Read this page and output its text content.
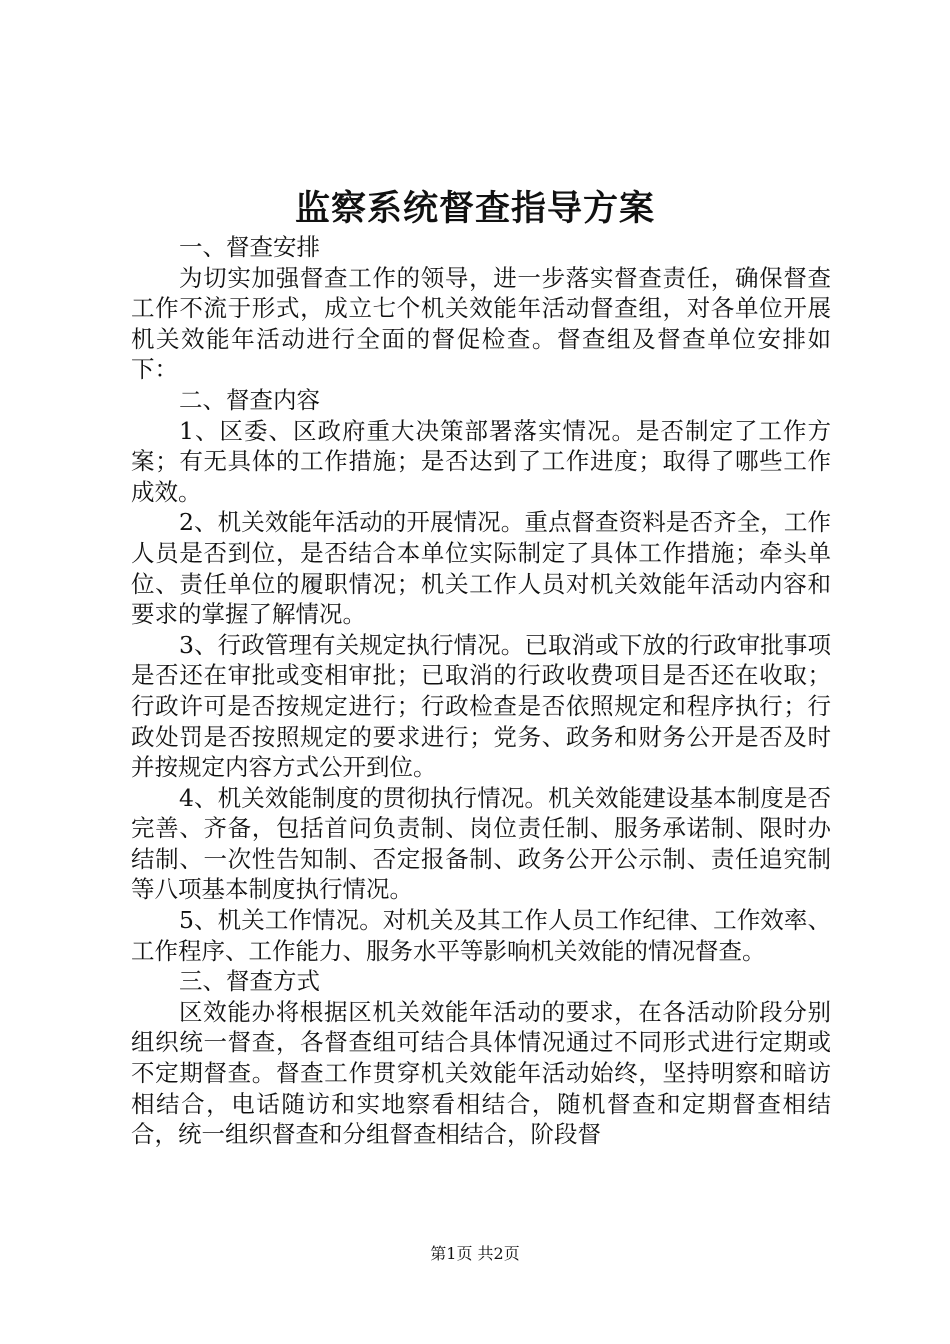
监察系统督查指导方案

一、督查安排

为切实加强督查工作的领导，进一步落实督查责任，确保督查工作不流于形式，成立七个机关效能年活动督查组，对各单位开展机关效能年活动进行全面的督促检查。督查组及督查单位安排如下：

二、督查内容

1、区委、区政府重大决策部署落实情况。是否制定了工作方案；有无具体的工作措施；是否达到了工作进度；取得了哪些工作成效。

2、机关效能年活动的开展情况。重点督查资料是否齐全，工作人员是否到位，是否结合本单位实际制定了具体工作措施；牵头单位、责任单位的履职情况；机关工作人员对机关效能年活动内容和要求的掌握了解情况。

3、行政管理有关规定执行情况。已取消或下放的行政审批事项是否还在审批或变相审批；已取消的行政收费项目是否还在收取；行政许可是否按规定进行；行政检查是否依照规定和程序执行；行政处罚是否按照规定的要求进行；党务、政务和财务公开是否及时并按规定内容方式公开到位。

4、机关效能制度的贯彻执行情况。机关效能建设基本制度是否完善、齐备，包括首问负责制、岗位责任制、服务承诺制、限时办结制、一次性告知制、否定报备制、政务公开公示制、责任追究制等八项基本制度执行情况。

5、机关工作情况。对机关及其工作人员工作纪律、工作效率、工作程序、工作能力、服务水平等影响机关效能的情况督查。

三、督查方式

区效能办将根据区机关效能年活动的要求，在各活动阶段分别组织统一督查，各督查组可结合具体情况通过不同形式进行定期或不定期督查。督查工作贯穿机关效能年活动始终，坚持明察和暗访相结合，电话随访和实地察看相结合，随机督查和定期督查相结合，统一组织督查和分组督查相结合，阶段督

第1页 共2页
